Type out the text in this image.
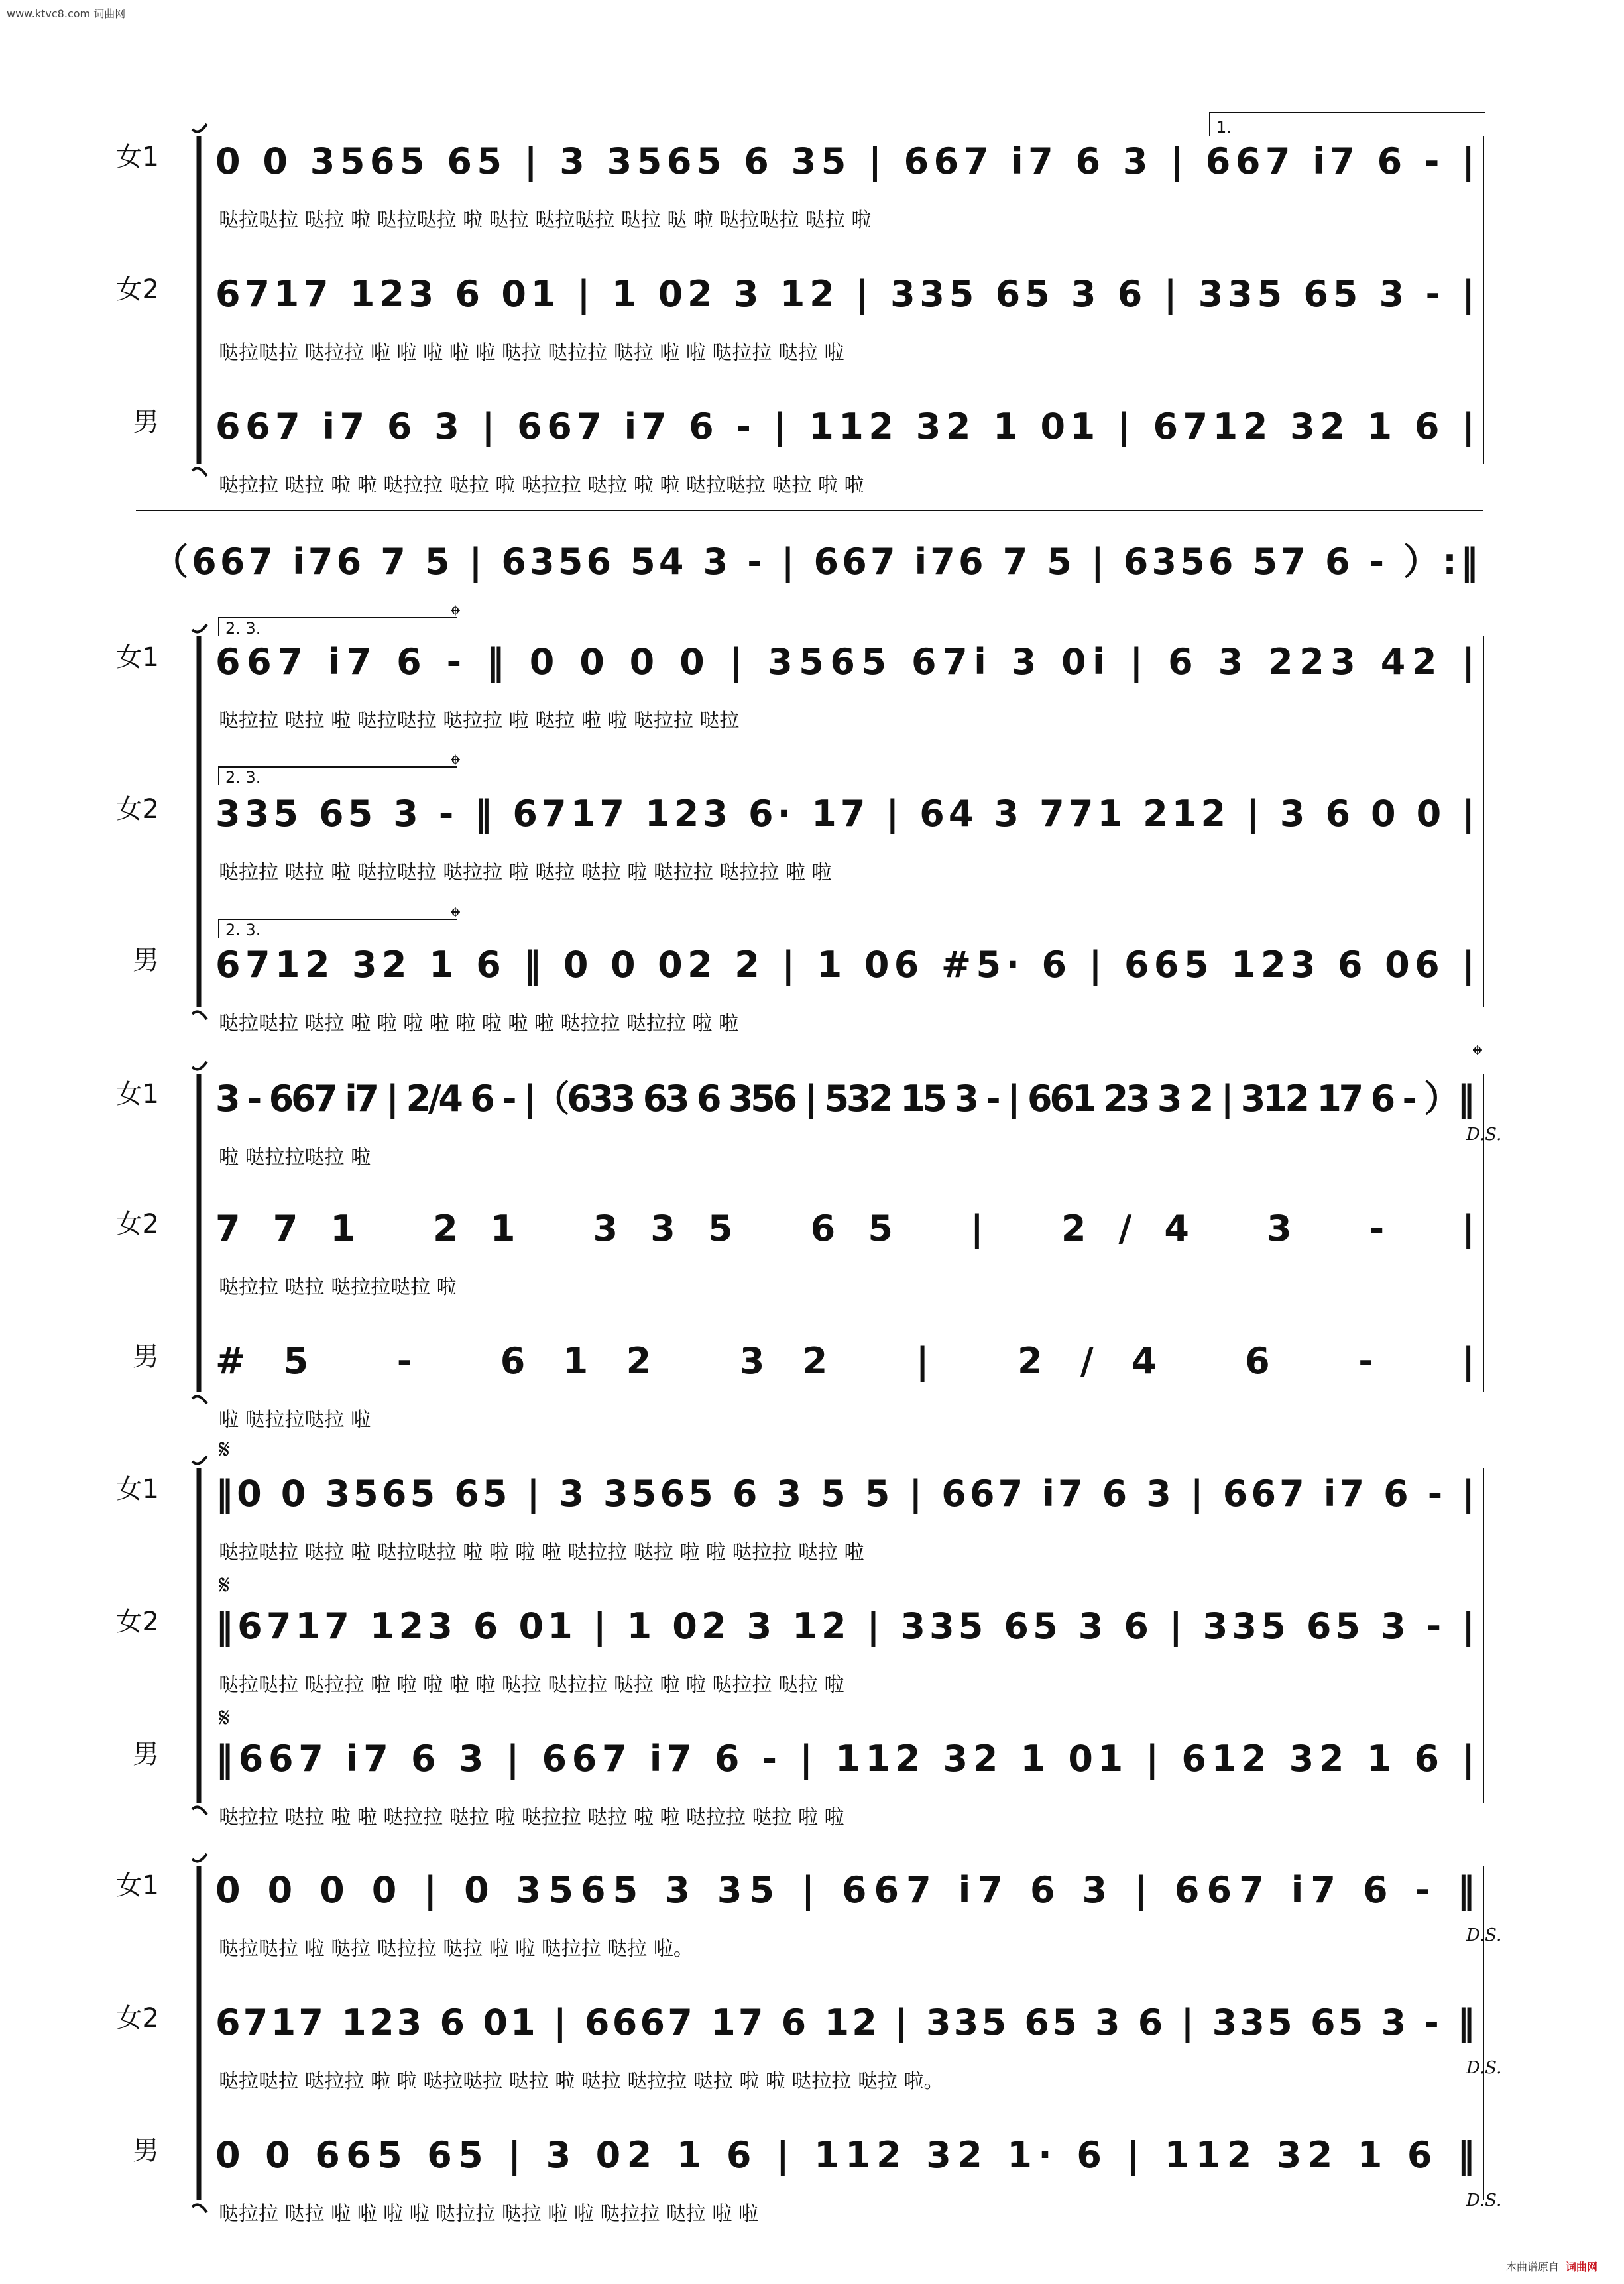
www.ktvc8.com 词曲网
女1 0 0 3565 65 | 3 3565 6 35 | 667 i7 6 3 | 667 i7 6 - |
哒拉哒拉 哒拉 啦 哒拉哒拉 啦 哒拉 哒拉哒拉 哒拉 哒 啦 哒拉哒拉 哒拉 啦
女2 6717 123 6 01 | 1 02 3 12 | 335 65 3 6 | 335 65 3 - |
哒拉哒拉 哒拉拉 啦 啦 啦 啦 啦 哒拉 哒拉拉 哒拉 啦 啦 哒拉拉 哒拉 啦
男 667 i7 6 3 | 667 i7 6 - | 112 32 1 01 | 6712 32 1 6 |
哒拉拉 哒拉 啦 啦 哒拉拉 哒拉 啦 哒拉拉 哒拉 啦 啦 哒拉哒拉 哒拉 啦 啦
1.
（667 i76 7 5 | 6356 54 3 - | 667 i76 7 5 | 6356 57 6 - ）:‖
女1 667 i7 6 - ‖ 0 0 0 0 | 3565 67i 3 0i | 6 3 223 42 |
哒拉拉 哒拉 啦 哒拉哒拉 哒拉拉 啦 哒拉 啦 啦 哒拉拉 哒拉
女2 335 65 3 - ‖ 6717 123 6· 17 | 64 3 771 212 | 3 6 0 0 |
哒拉拉 哒拉 啦 哒拉哒拉 哒拉拉 啦 哒拉 哒拉 啦 哒拉拉 哒拉拉 啦 啦
男 6712 32 1 6 ‖ 0 0 02 2 | 1 06 #5· 6 | 665 123 6 06 |
哒拉哒拉 哒拉 啦 啦 啦 啦 啦 啦 啦 啦 哒拉拉 哒拉拉 啦 啦
2. 3.	𝄌
2. 3.	𝄌
2. 3.	𝄌
女1 3 - 667 i7 | 2/4 6 - |（633 63 6 356 | 532 15 3 - | 661 23 3 2 | 312 17 6 - ）‖
啦 哒拉拉哒拉 啦
女2 771 21 335 65 | 2/4 3 - |
哒拉拉 哒拉 哒拉拉哒拉 啦
男 #5 - 612 32 | 2/4 6 - |
啦 哒拉拉哒拉 啦
𝄌
D.S.
女1 ‖0 0 3565 65 | 3 3565 6 3 5 5 | 667 i7 6 3 | 667 i7 6 - |
哒拉哒拉 哒拉 啦 哒拉哒拉 啦 啦 啦 啦 哒拉拉 哒拉 啦 啦 哒拉拉 哒拉 啦
女2 ‖6717 123 6 01 | 1 02 3 12 | 335 65 3 6 | 335 65 3 - |
哒拉哒拉 哒拉拉 啦 啦 啦 啦 啦 哒拉 哒拉拉 哒拉 啦 啦 哒拉拉 哒拉 啦
男 ‖667 i7 6 3 | 667 i7 6 - | 112 32 1 01 | 612 32 1 6 |
哒拉拉 哒拉 啦 啦 哒拉拉 哒拉 啦 哒拉拉 哒拉 啦 啦 哒拉拉 哒拉 啦 啦
𝄋
𝄋
𝄋
女1 0 0 0 0 | 0 3565 3 35 | 667 i7 6 3 | 667 i7 6 - ‖
哒拉哒拉 啦 哒拉 哒拉拉 哒拉 啦 啦 哒拉拉 哒拉 啦。
D.S.
女2 6717 123 6 01 | 6667 17 6 12 | 335 65 3 6 | 335 65 3 - ‖
哒拉哒拉 哒拉拉 啦 啦 哒拉哒拉 哒拉 啦 哒拉 哒拉拉 哒拉 啦 啦 哒拉拉 哒拉 啦。
D.S.
男 0 0 665 65 | 3 02 1 6 | 112 32 1· 6 | 112 32 1 6 ‖
哒拉拉 哒拉 啦 啦 啦 啦 哒拉拉 哒拉 啦 啦 哒拉拉 哒拉 啦 啦
D.S.
本曲谱原自 词曲网
